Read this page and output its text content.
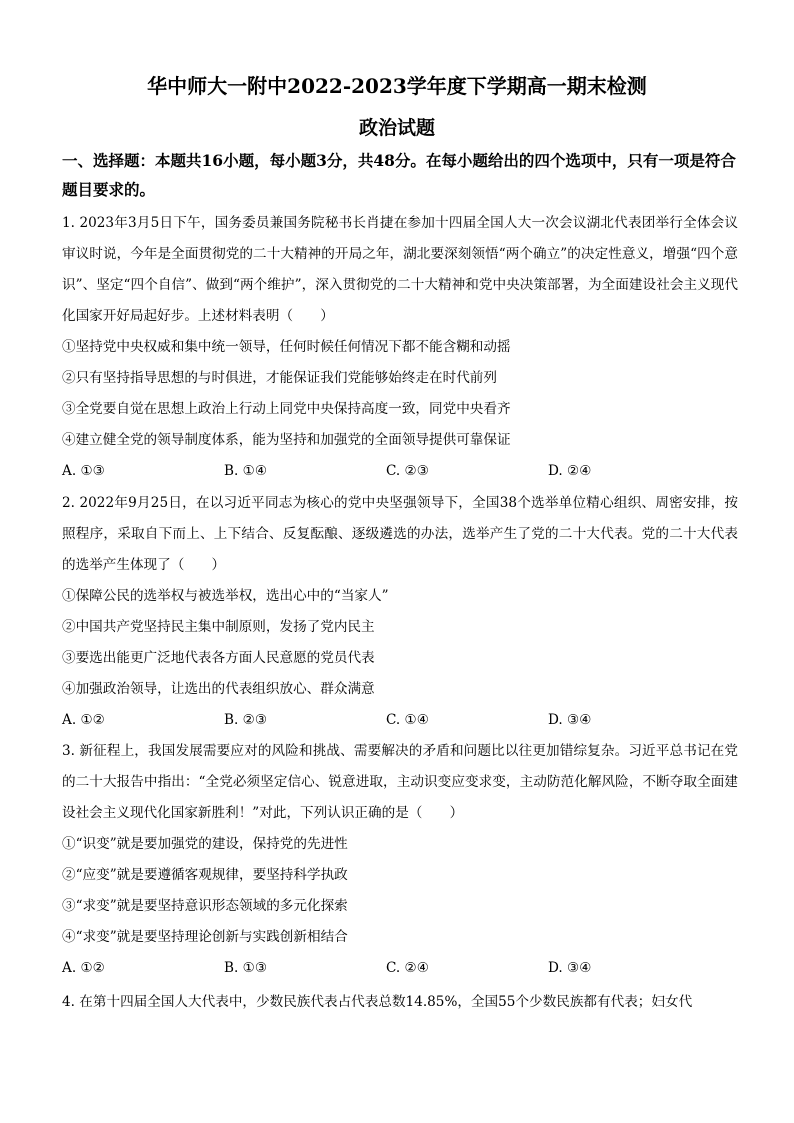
华中师大一附中2022-2023学年度下学期高一期末检测
政治试题
一、选择题：本题共16小题，每小题3分，共48分。在每小题给出的四个选项中，只有一项是符合题目要求的。

1. 2023年3月5日下午，国务委员兼国务院秘书长肖捷在参加十四届全国人大一次会议湖北代表团举行全体会议审议时说，今年是全面贯彻党的二十大精神的开局之年，湖北要深刻领悟“两个确立”的决定性意义，增强“四个意识”、坚定“四个自信”、做到“两个维护”，深入贯彻党的二十大精神和党中央决策部署，为全面建设社会主义现代化国家开好局起好步。上述材料表明（　　）

①坚持党中央权威和集中统一领导，任何时候任何情况下都不能含糊和动摇

②只有坚持指导思想的与时俱进，才能保证我们党能够始终走在时代前列

③全党要自觉在思想上政治上行动上同党中央保持高度一致，同党中央看齐

④建立健全党的领导制度体系，能为坚持和加强党的全面领导提供可靠保证

A. ①③	B. ①④	C. ②③	D. ②④

2. 2022年9月25日，在以习近平同志为核心的党中央坚强领导下，全国38个选举单位精心组织、周密安排，按照程序，采取自下而上、上下结合、反复酝酿、逐级遴选的办法，选举产生了党的二十大代表。党的二十大代表的选举产生体现了（　　）

①保障公民的选举权与被选举权，选出心中的“当家人”

②中国共产党坚持民主集中制原则，发扬了党内民主

③要选出能更广泛地代表各方面人民意愿的党员代表

④加强政治领导，让选出的代表组织放心、群众满意

A. ①②	B. ②③	C. ①④	D. ③④

3. 新征程上，我国发展需要应对的风险和挑战、需要解决的矛盾和问题比以往更加错综复杂。习近平总书记在党的二十大报告中指出：“全党必须坚定信心、锐意进取，主动识变应变求变，主动防范化解风险，不断夺取全面建设社会主义现代化国家新胜利！”对此，下列认识正确的是（　　）

①“识变”就是要加强党的建设，保持党的先进性

②“应变”就是要遵循客观规律，要坚持科学执政

③“求变”就是要坚持意识形态领域的多元化探索

④“求变”就是要坚持理论创新与实践创新相结合

A. ①②	B. ①③	C. ②④	D. ③④

4. 在第十四届全国人大代表中，少数民族代表占代表总数14.85%，全国55个少数民族都有代表；妇女代
